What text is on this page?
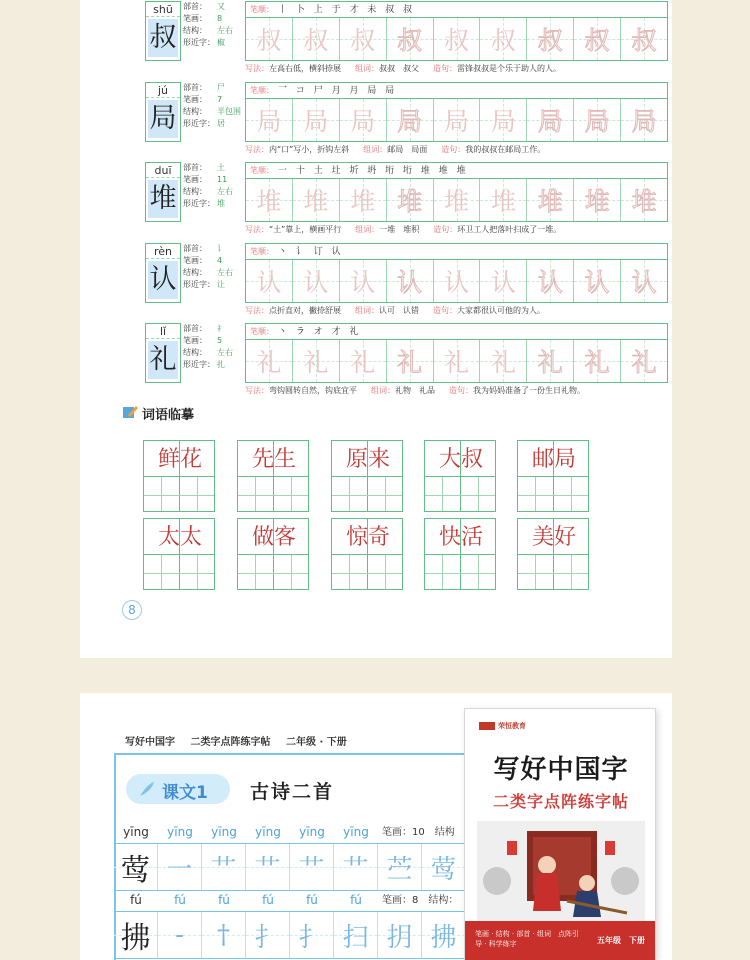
shū
叔
部首： 又
笔画： 8
结构： 左右
形近字： 椒
笔顺： 丨 卜 上 于 才 未 叔 叔
叔 叔 叔 叔 叔 叔 叔 叔 叔
写法：左高右低，横斜捺展 组词：叔叔　叔父 造句：雷锋叔叔是个乐于助人的人。
jú
局
部首： 尸
笔画： 7
结构： 半包围
形近字： 居
笔顺： 乛 コ 尸 月 月 局 局
局 局 局 局 局 局 局 局 局
写法：内“口”写小，折钩左斜 组词：邮局　局面 造句：我的叔叔在邮局工作。
duī
堆
部首： 土
笔画： 11
结构： 左右
形近字： 堆
笔顺： 一 十 土 圵 圻 坍 垳 垳 堆 堆 堆
堆 堆 堆 堆 堆 堆 堆 堆 堆
写法：“土”靠上，横画平行 组词：一堆　堆积 造句：环卫工人把落叶扫成了一堆。
rèn
认
部首： 讠
笔画： 4
结构： 左右
形近字： 让
笔顺： 丶 讠 订 认
认 认 认 认 认 认 认 认 认
写法：点折直对，撇捺舒展 组词：认可　认错 造句：大家都很认可他的为人。
lǐ
礼
部首： 礻
笔画： 5
结构： 左右
形近字： 扎
笔顺： 丶 ラ オ 才 礼
礼 礼 礼 礼 礼 礼 礼 礼 礼
写法：弯钩圆转自然，钩底宜平 组词：礼物　礼品 造句：我为妈妈准备了一份生日礼物。
词语临摹
鲜花	先生	原来	大叔	邮局
太太	做客	惊奇	快活	美好
8
写好中国字 二类字点阵练字帖 二年级 · 下册
课文1 古诗二首
yīng	yīng	yīng	yīng	yīng	yīng	笔画：10　结构
莺 一 艹 艹 艹 艹 苎 莺
fú	fú	fú	fú	fú	fú	笔画：8　结构：
拂 - † 扌 扌 扫 抈 拂
荣恒教育
写好中国字
二类字点阵练字帖
笔画 · 结构 · 部首 · 组词　点阵引导 · 科学练字	五年级　下册
